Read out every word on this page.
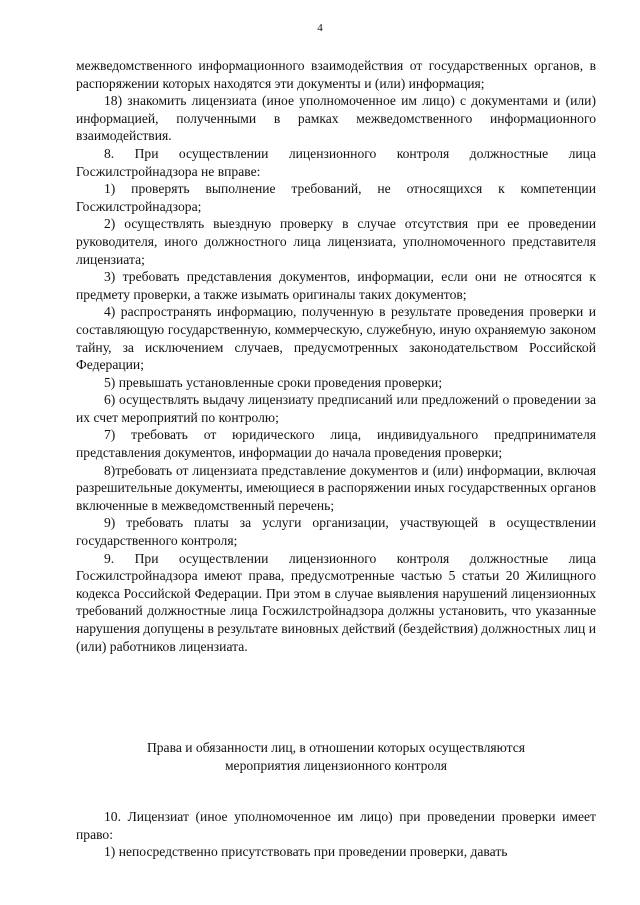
4

межведомственного информационного взаимодействия от государственных органов, в распоряжении которых находятся эти документы и (или) информация;

18) знакомить лицензиата (иное уполномоченное им лицо) с документами и (или) информацией, полученными в рамках межведомственного информационного взаимодействия.

8. При осуществлении лицензионного контроля должностные лица Госжилстройнадзора не вправе:

1) проверять выполнение требований, не относящихся к компетенции Госжилстройнадзора;

2) осуществлять выездную проверку в случае отсутствия при ее проведении руководителя, иного должностного лица лицензиата, уполномоченного представителя лицензиата;

3) требовать представления документов, информации, если они не относятся к предмету проверки, а также изымать оригиналы таких документов;

4) распространять информацию, полученную в результате проведения проверки и составляющую государственную, коммерческую, служебную, иную охраняемую законом тайну, за исключением случаев, предусмотренных законодательством Российской Федерации;

5) превышать установленные сроки проведения проверки;

6) осуществлять выдачу лицензиату предписаний или предложений о проведении за их счет мероприятий по контролю;

7) требовать от юридического лица, индивидуального предпринимателя представления документов, информации до начала проведения проверки;

8)требовать от лицензиата представление документов и (или) информации, включая разрешительные документы, имеющиеся в распоряжении иных государственных органов включенные в межведомственный перечень;

9) требовать платы за услуги организации, участвующей в осуществлении государственного контроля;

9. При осуществлении лицензионного контроля должностные лица Госжилстройнадзора имеют права, предусмотренные частью 5 статьи 20 Жилищного кодекса Российской Федерации. При этом в случае выявления нарушений лицензионных требований должностные лица Госжилстройнадзора должны установить, что указанные нарушения допущены в результате виновных действий (бездействия) должностных лиц и (или) работников лицензиата.

Права и обязанности лиц, в отношении которых осуществляются
мероприятия лицензионного контроля

10. Лицензиат (иное уполномоченное им лицо) при проведении проверки имеет право:

1) непосредственно присутствовать при проведении проверки, давать
